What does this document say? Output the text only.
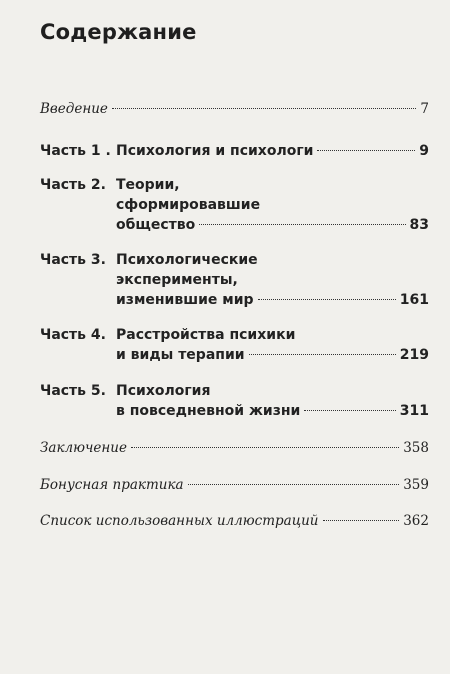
Содержание
Введение	7
Часть 1 . Психология и психологи	9
Часть 2. Теории,
сформировавшие
общество	83
Часть 3. Психологические
эксперименты,
изменившие мир	161
Часть 4. Расстройства психики
и виды терапии	219
Часть 5. Психология
в повседневной жизни	311
Заключение	358
Бонусная практика	359
Список использованных иллюстраций	362
